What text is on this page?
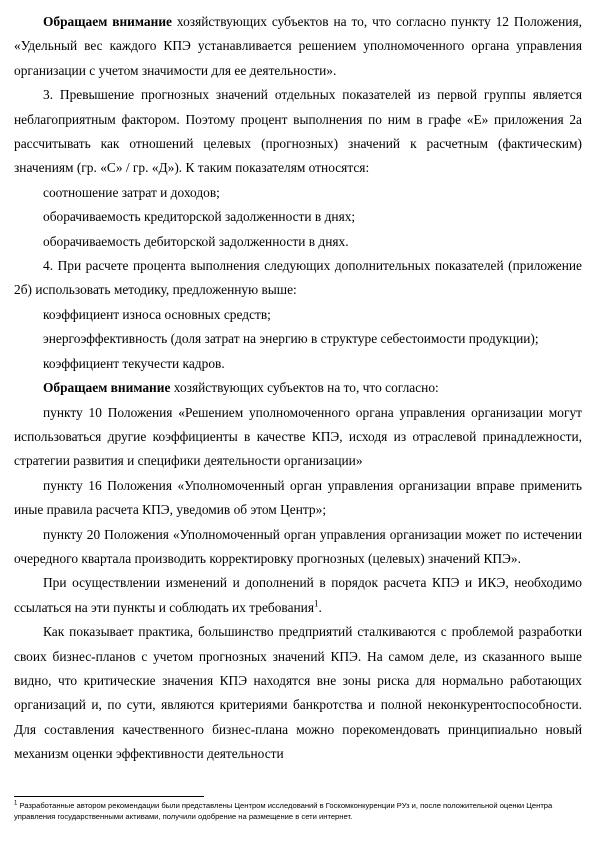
Обращаем внимание хозяйствующих субъектов на то, что согласно пункту 12 Положения, «Удельный вес каждого КПЭ устанавливается решением уполномоченного органа управления организации с учетом значимости для ее деятельности».

3. Превышение прогнозных значений отдельных показателей из первой группы является неблагоприятным фактором. Поэтому процент выполнения по ним в графе «Е» приложения 2а рассчитывать как отношений целевых (прогнозных) значений к расчетным (фактическим) значениям (гр. «С» / гр. «Д»). К таким показателям относятся:

соотношение затрат и доходов;

оборачиваемость кредиторской задолженности в днях;

оборачиваемость дебиторской задолженности в днях.

4. При расчете процента выполнения следующих дополнительных показателей (приложение 2б) использовать методику, предложенную выше:

коэффициент износа основных средств;

энергоэффективность (доля затрат на энергию в структуре себестоимости продукции);

коэффициент текучести кадров.

Обращаем внимание хозяйствующих субъектов на то, что согласно:

пункту 10 Положения «Решением уполномоченного органа управления организации могут использоваться другие коэффициенты в качестве КПЭ, исходя из отраслевой принадлежности, стратегии развития и специфики деятельности организации»

пункту 16 Положения «Уполномоченный орган управления организации вправе применить иные правила расчета КПЭ, уведомив об этом Центр»;

пункту 20 Положения «Уполномоченный орган управления организации может по истечении очередного квартала производить корректировку прогнозных (целевых) значений КПЭ».

При осуществлении изменений и дополнений в порядок расчета КПЭ и ИКЭ, необходимо ссылаться на эти пункты и соблюдать их требования$^1$.

Как показывает практика, большинство предприятий сталкиваются с проблемой разработки своих бизнес-планов с учетом прогнозных значений КПЭ. На самом деле, из сказанного выше видно, что критические значения КПЭ находятся вне зоны риска для нормально работающих организаций и, по сути, являются критериями банкротства и полной неконкурентоспособности. Для составления качественного бизнес-плана можно порекомендовать принципиально новый механизм оценки эффективности деятельности

$^1$ Разработанные автором рекомендации были представлены Центром исследований в Госкомконкуренции РУз и, после положительной оценки Центра управления государственными активами, получили одобрение на размещение в сети интернет.
